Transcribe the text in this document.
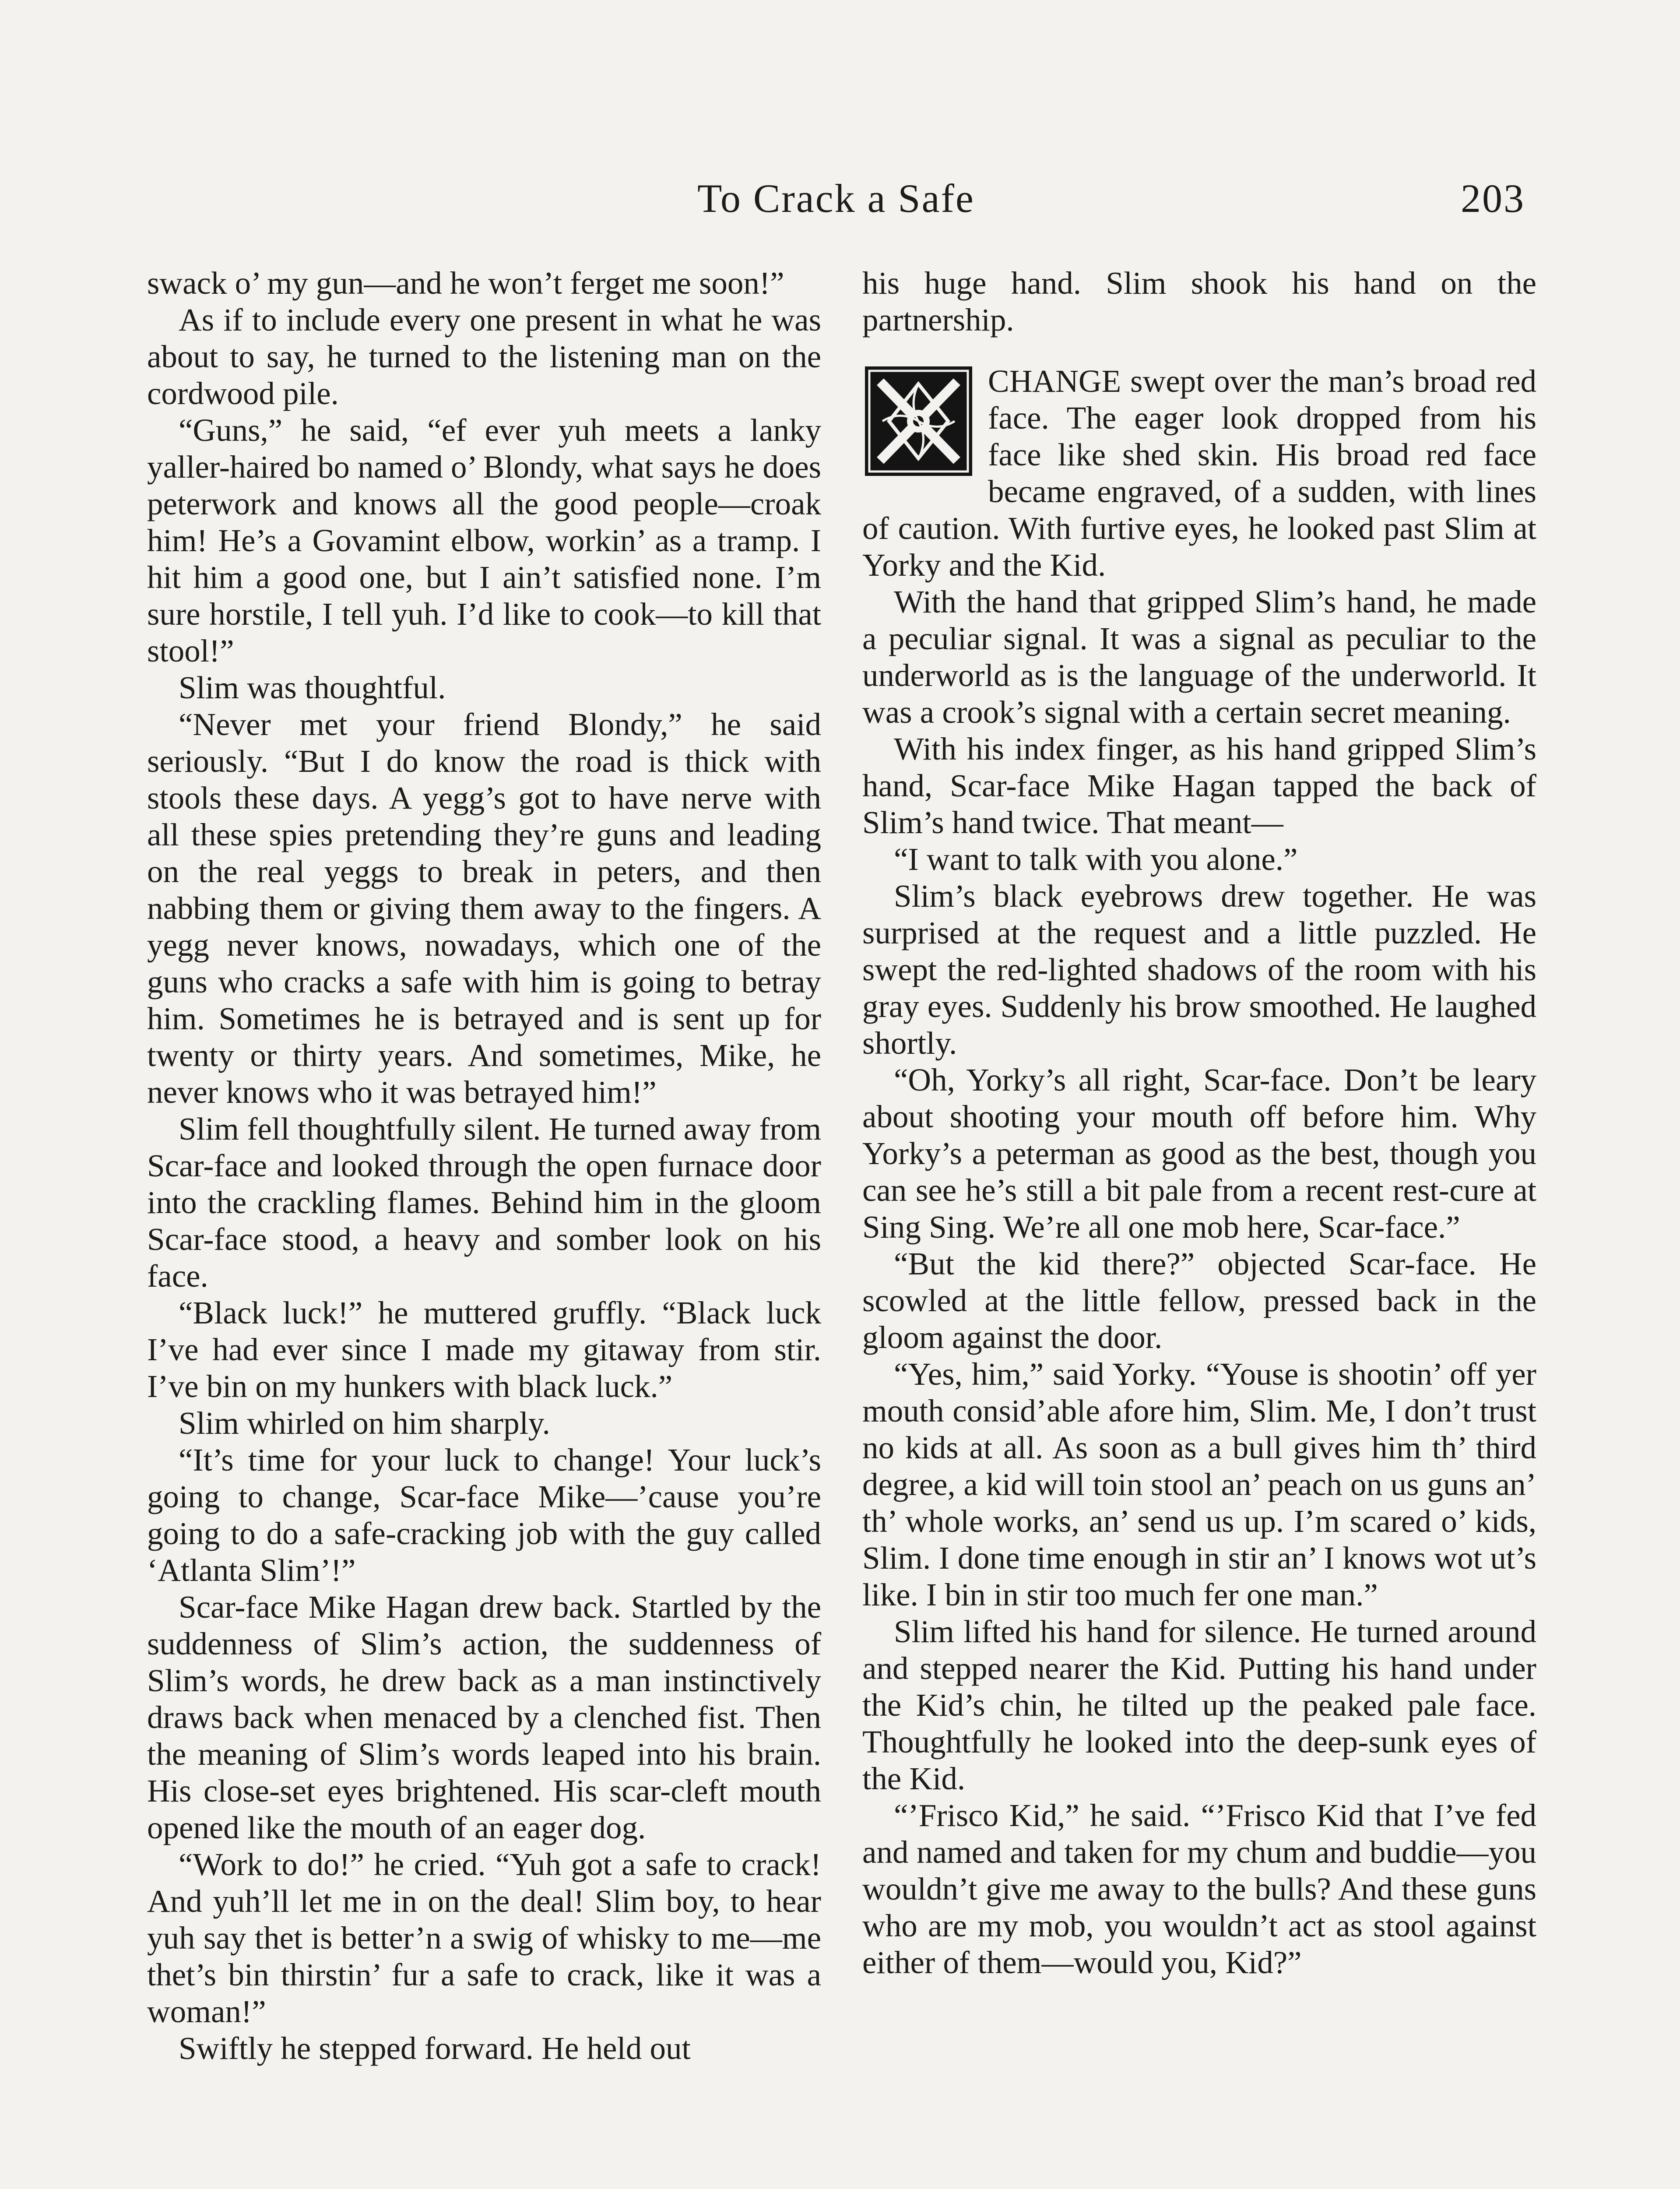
To Crack a Safe	203

swack o’ my gun—and he won’t ferget me soon!”

As if to include every one present in what he was about to say, he turned to the listening man on the cordwood pile.

“Guns,” he said, “ef ever yuh meets a lanky yaller-haired bo named o’ Blondy, what says he does peterwork and knows all the good people—croak him! He’s a Govamint elbow, workin’ as a tramp. I hit him a good one, but I ain’t satisfied none. I’m sure horstile, I tell yuh. I’d like to cook—to kill that stool!”

Slim was thoughtful.

“Never met your friend Blondy,” he said seriously. “But I do know the road is thick with stools these days. A yegg’s got to have nerve with all these spies pretending they’re guns and leading on the real yeggs to break in peters, and then nabbing them or giving them away to the fingers. A yegg never knows, nowadays, which one of the guns who cracks a safe with him is going to betray him. Sometimes he is betrayed and is sent up for twenty or thirty years. And sometimes, Mike, he never knows who it was betrayed him!”

Slim fell thoughtfully silent. He turned away from Scar-face and looked through the open furnace door into the crackling flames. Behind him in the gloom Scar-face stood, a heavy and somber look on his face.

“Black luck!” he muttered gruffly. “Black luck I’ve had ever since I made my gitaway from stir. I’ve bin on my hunkers with black luck.”

Slim whirled on him sharply.

“It’s time for your luck to change! Your luck’s going to change, Scar-face Mike—’cause you’re going to do a safe-cracking job with the guy called ‘Atlanta Slim’!”

Scar-face Mike Hagan drew back. Startled by the suddenness of Slim’s action, the suddenness of Slim’s words, he drew back as a man instinctively draws back when menaced by a clenched fist. Then the meaning of Slim’s words leaped into his brain. His close-set eyes brightened. His scar-cleft mouth opened like the mouth of an eager dog.

“Work to do!” he cried. “Yuh got a safe to crack! And yuh’ll let me in on the deal! Slim boy, to hear yuh say thet is better’n a swig of whisky to me—me thet’s bin thirstin’ fur a safe to crack, like it was a woman!”

Swiftly he stepped forward. He held out

his huge hand. Slim shook his hand on the partnership.

CHANGE swept over the man’s broad red face. The eager look dropped from his face like shed skin. His broad red face became engraved, of a sudden, with lines of caution. With furtive eyes, he looked past Slim at Yorky and the Kid.

With the hand that gripped Slim’s hand, he made a peculiar signal. It was a signal as peculiar to the underworld as is the language of the underworld. It was a crook’s signal with a certain secret meaning.

With his index finger, as his hand gripped Slim’s hand, Scar-face Mike Hagan tapped the back of Slim’s hand twice. That meant—

“I want to talk with you alone.”

Slim’s black eyebrows drew together. He was surprised at the request and a little puzzled. He swept the red-lighted shadows of the room with his gray eyes. Suddenly his brow smoothed. He laughed shortly.

“Oh, Yorky’s all right, Scar-face. Don’t be leary about shooting your mouth off before him. Why Yorky’s a peterman as good as the best, though you can see he’s still a bit pale from a recent rest-cure at Sing Sing. We’re all one mob here, Scar-face.”

“But the kid there?” objected Scar-face. He scowled at the little fellow, pressed back in the gloom against the door.

“Yes, him,” said Yorky. “Youse is shootin’ off yer mouth consid’able afore him, Slim. Me, I don’t trust no kids at all. As soon as a bull gives him th’ third degree, a kid will toin stool an’ peach on us guns an’ th’ whole works, an’ send us up. I’m scared o’ kids, Slim. I done time enough in stir an’ I knows wot ut’s like. I bin in stir too much fer one man.”

Slim lifted his hand for silence. He turned around and stepped nearer the Kid. Putting his hand under the Kid’s chin, he tilted up the peaked pale face. Thoughtfully he looked into the deep-sunk eyes of the Kid.

“’Frisco Kid,” he said. “’Frisco Kid that I’ve fed and named and taken for my chum and buddie—you wouldn’t give me away to the bulls? And these guns who are my mob, you wouldn’t act as stool against either of them—would you, Kid?”
